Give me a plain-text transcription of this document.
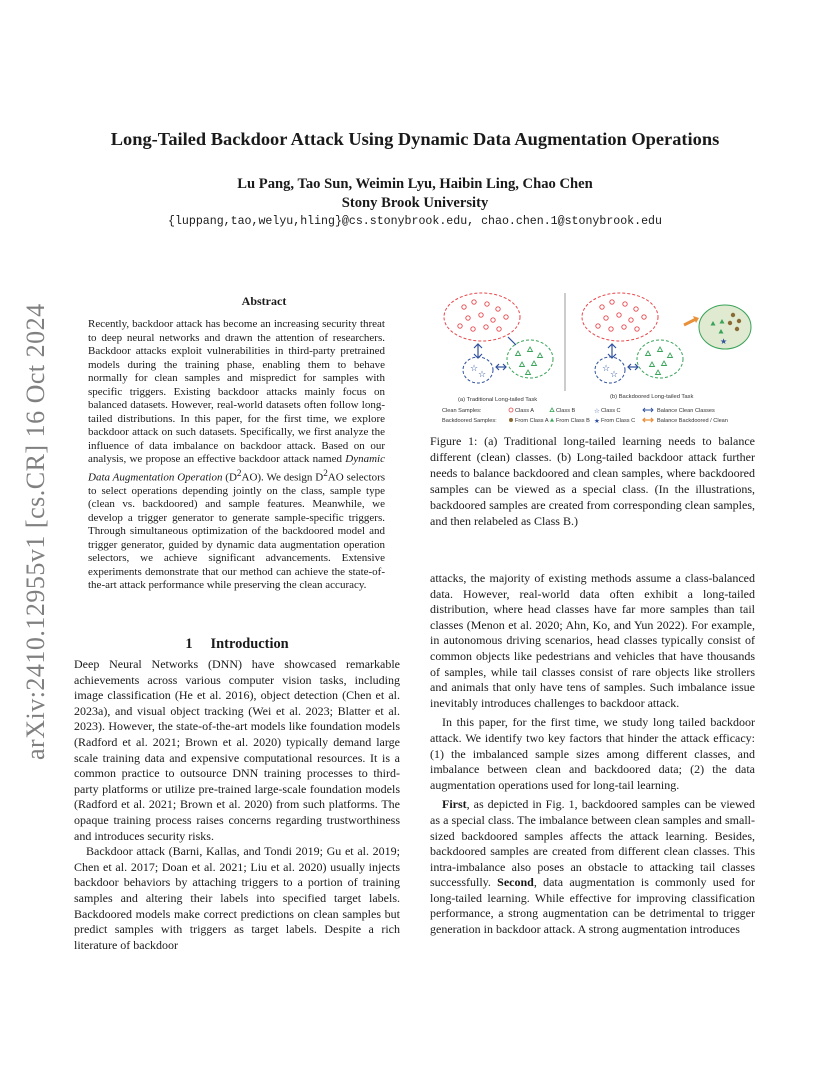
arXiv:2410.12955v1 [cs.CR] 16 Oct 2024
Long-Tailed Backdoor Attack Using Dynamic Data Augmentation Operations
Lu Pang, Tao Sun, Weimin Lyu, Haibin Ling, Chao Chen
Stony Brook University
{luppang,tao,welyu,hling}@cs.stonybrook.edu, chao.chen.1@stonybrook.edu
Abstract

Recently, backdoor attack has become an increasing security threat to deep neural networks and drawn the attention of researchers. Backdoor attacks exploit vulnerabilities in third-party pretrained models during the training phase, enabling them to behave normally for clean samples and mispredict for samples with specific triggers. Existing backdoor attacks mainly focus on balanced datasets. However, real-world datasets often follow long-tailed distributions. In this paper, for the first time, we explore backdoor attack on such datasets. Specifically, we first analyze the influence of data imbalance on backdoor attack. Based on our analysis, we propose an effective backdoor attack named Dynamic Data Augmentation Operation $(D^2AO)$. We design $D^2AO$ selectors to select operations depending jointly on the class, sample type (clean vs. backdoored) and sample features. Meanwhile, we develop a trigger generator to generate sample-specific triggers. Through simultaneous optimization of the backdoored model and trigger generator, guided by dynamic data augmentation operation selectors, we achieve significant advancements. Extensive experiments demonstrate that our method can achieve the state-of-the-art attack performance while preserving the clean accuracy.

1 Introduction

Deep Neural Networks (DNN) have showcased remarkable achievements across various computer vision tasks, including image classification (He et al. 2016), object detection (Chen et al. 2023a), and visual object tracking (Wei et al. 2023; Blatter et al. 2023). However, the state-of-the-art models like foundation models (Radford et al. 2021; Brown et al. 2020) typically demand large scale training data and expensive computational resources. It is a common practice to outsource DNN training processes to third-party platforms or utilize pre-trained large-scale foundation models (Radford et al. 2021; Brown et al. 2020) from such platforms. The opaque training process raises concerns regarding trustworthiness and introduces security risks.

Backdoor attack (Barni, Kallas, and Tondi 2019; Gu et al. 2019; Chen et al. 2017; Doan et al. 2021; Liu et al. 2020) usually injects backdoor behaviors by attaching triggers to a portion of training samples and altering their labels into specified target labels. Backdoored models make correct predictions on clean samples but predict samples with triggers as target labels. Despite a rich literature of backdoor

☆
☆
☆
☆
★
(a) Traditional Long-tailed Task	(b) Backdoored Long-tailed Task
Clean Samples:
Backdoored Samples:
Class A	Class B	☆ Class C	Balance Clean Classes
From Class A From Class B ★ From Class C	Balance Backdoored / Clean

Figure 1: (a) Traditional long-tailed learning needs to balance different (clean) classes. (b) Long-tailed backdoor attack further needs to balance backdoored and clean samples, where backdoored samples can be viewed as a special class. (In the illustrations, backdoored samples are created from corresponding clean samples, and then relabeled as Class B.)

attacks, the majority of existing methods assume a class-balanced data. However, real-world data often exhibit a long-tailed distribution, where head classes have far more samples than tail classes (Menon et al. 2020; Ahn, Ko, and Yun 2022). For example, in autonomous driving scenarios, head classes typically consist of common objects like pedestrians and vehicles that have thousands of samples, while tail classes consist of rare objects like strollers and animals that only have tens of samples. Such imbalance issue inevitably introduces challenges to backdoor attack.

In this paper, for the first time, we study long tailed backdoor attack. We identify two key factors that hinder the attack efficacy: (1) the imbalanced sample sizes among different classes, and imbalance between clean and backdoored data; (2) the data augmentation operations used for long-tail learning.

First, as depicted in Fig. 1, backdoored samples can be viewed as a special class. The imbalance between clean samples and small-sized backdoored samples affects the attack learning. Besides, backdoored samples are created from different clean classes. This intra-imbalance also poses an obstacle to attacking tail classes successfully. Second, data augmentation is commonly used for long-tailed learning. While effective for improving classification performance, a strong augmentation can be detrimental to trigger generation in backdoor attack. A strong augmentation introduces
